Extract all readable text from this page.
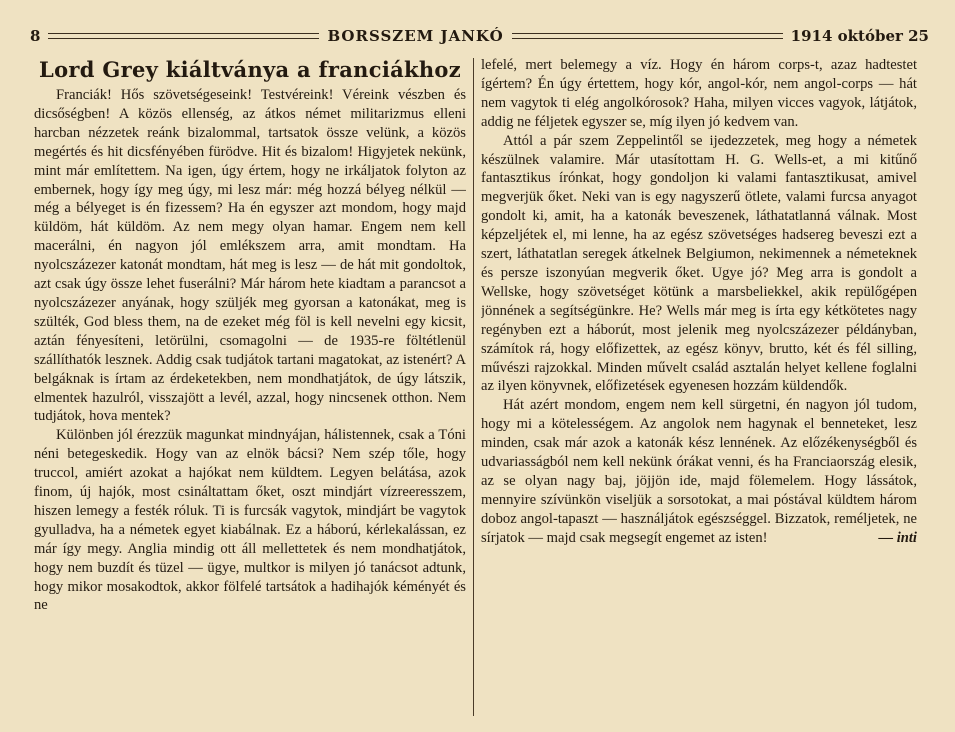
8	BORSSZEM JANKÓ	1914 október 25
Lord Grey kiáltványa a franciákhoz

Franciák! Hős szövetségeseink! Testvéreink! Véreink vészben és dicsőségben! A közös ellenség, az átkos német militarizmus elleni harcban nézzetek reánk bizalommal, tartsatok össze velünk, a közös megértés és hit dicsfényében fürödve. Hit és bizalom! Higyjetek nekünk, mint már említettem. Na igen, úgy értem, hogy ne irkáljatok folyton az embernek, hogy így meg úgy, mi lesz már: még hozzá bélyeg nélkül — még a bélyeget is én fizessem? Ha én egyszer azt mondom, hogy majd küldöm, hát küldöm. Az nem megy olyan hamar. Engem nem kell macerálni, én nagyon jól emlékszem arra, amit mondtam. Ha nyolcszázezer katonát mondtam, hát meg is lesz — de hát mit gondoltok, azt csak úgy össze lehet fuserálni? Már három hete kiadtam a parancsot a nyolcszázezer anyának, hogy szüljék meg gyorsan a katonákat, meg is szülték, God bless them, na de ezeket még föl is kell nevelni egy kicsit, aztán fényesíteni, letörülni, csomagolni — de 1935-re föltétlenül szállíthatók lesznek. Addig csak tudjátok tartani magatokat, az istenért? A belgáknak is írtam az érdeketekben, nem mondhatjátok, de úgy látszik, elmentek hazulról, visszajött a levél, azzal, hogy nincsenek otthon. Nem tudjátok, hova mentek?

Különben jól érezzük magunkat mindnyájan, hálistennek, csak a Tóni néni betegeskedik. Hogy van az elnök bácsi? Nem szép tőle, hogy truccol, amiért azokat a hajókat nem küldtem. Legyen belátása, azok finom, új hajók, most csináltattam őket, oszt mindjárt vízreeresszem, hiszen lemegy a festék róluk. Ti is furcsák vagytok, mindjárt be vagytok gyulladva, ha a németek egyet kiabálnak. Ez a háború, kérlekalássan, ez már így megy. Anglia mindig ott áll mellettetek és nem mondhatjátok, hogy nem buzdít és tüzel — ügye, multkor is milyen jó tanácsot adtunk, hogy mikor mosakodtok, akkor fölfelé tartsátok a hadihajók kéményét és ne

lefelé, mert belemegy a víz. Hogy én három corps-t, azaz hadtestet ígértem? Én úgy értettem, hogy kór, angol-kór, nem angol-corps — hát nem vagytok ti elég angolkórosok? Haha, milyen vicces vagyok, látjátok, addig ne féljetek egyszer se, míg ilyen jó kedvem van.

Attól a pár szem Zeppelintől se ijedezzetek, meg hogy a németek készülnek valamire. Már utasítottam H. G. Wells-et, a mi kitűnő fantasztikus írónkat, hogy gondoljon ki valami fantasztikusat, amivel megverjük őket. Neki van is egy nagyszerű ötlete, valami furcsa anyagot gondolt ki, amit, ha a katonák beveszenek, láthatatlanná válnak. Most képzeljétek el, mi lenne, ha az egész szövetséges hadsereg beveszi ezt a szert, láthatatlan seregek átkelnek Belgiumon, nekimennek a németeknek és persze iszonyúan megverik őket. Ugye jó? Meg arra is gondolt a Wellske, hogy szövetséget kötünk a marsbeliekkel, akik repülőgépen jönnének a segítségünkre. He? Wells már meg is írta egy kétkötetes nagy regényben ezt a háborút, most jelenik meg nyolcszázezer példányban, számítok rá, hogy előfizettek, az egész könyv, brutto, két és fél silling, művészi rajzokkal. Minden művelt család asztalán helyet kellene foglalni az ilyen könyvnek, előfizetések egyenesen hozzám küldendők.

Hát azért mondom, engem nem kell sürgetni, én nagyon jól tudom, hogy mi a kötelességem. Az angolok nem hagynak el benneteket, lesz minden, csak már azok a katonák kész lennének. Az előzékenységből és udvariasságból nem kell nekünk órákat venni, és ha Franciaország elesik, az se olyan nagy baj, jöjjön ide, majd fölemelem. Hogy lássátok, mennyire szívünkön viseljük a sorsotokat, a mai póstával küldtem három doboz angol-tapaszt — használjátok egészséggel. Bizzatok, reméljetek, ne sírjatok — majd csak megsegít engemet az isten!	— inti
